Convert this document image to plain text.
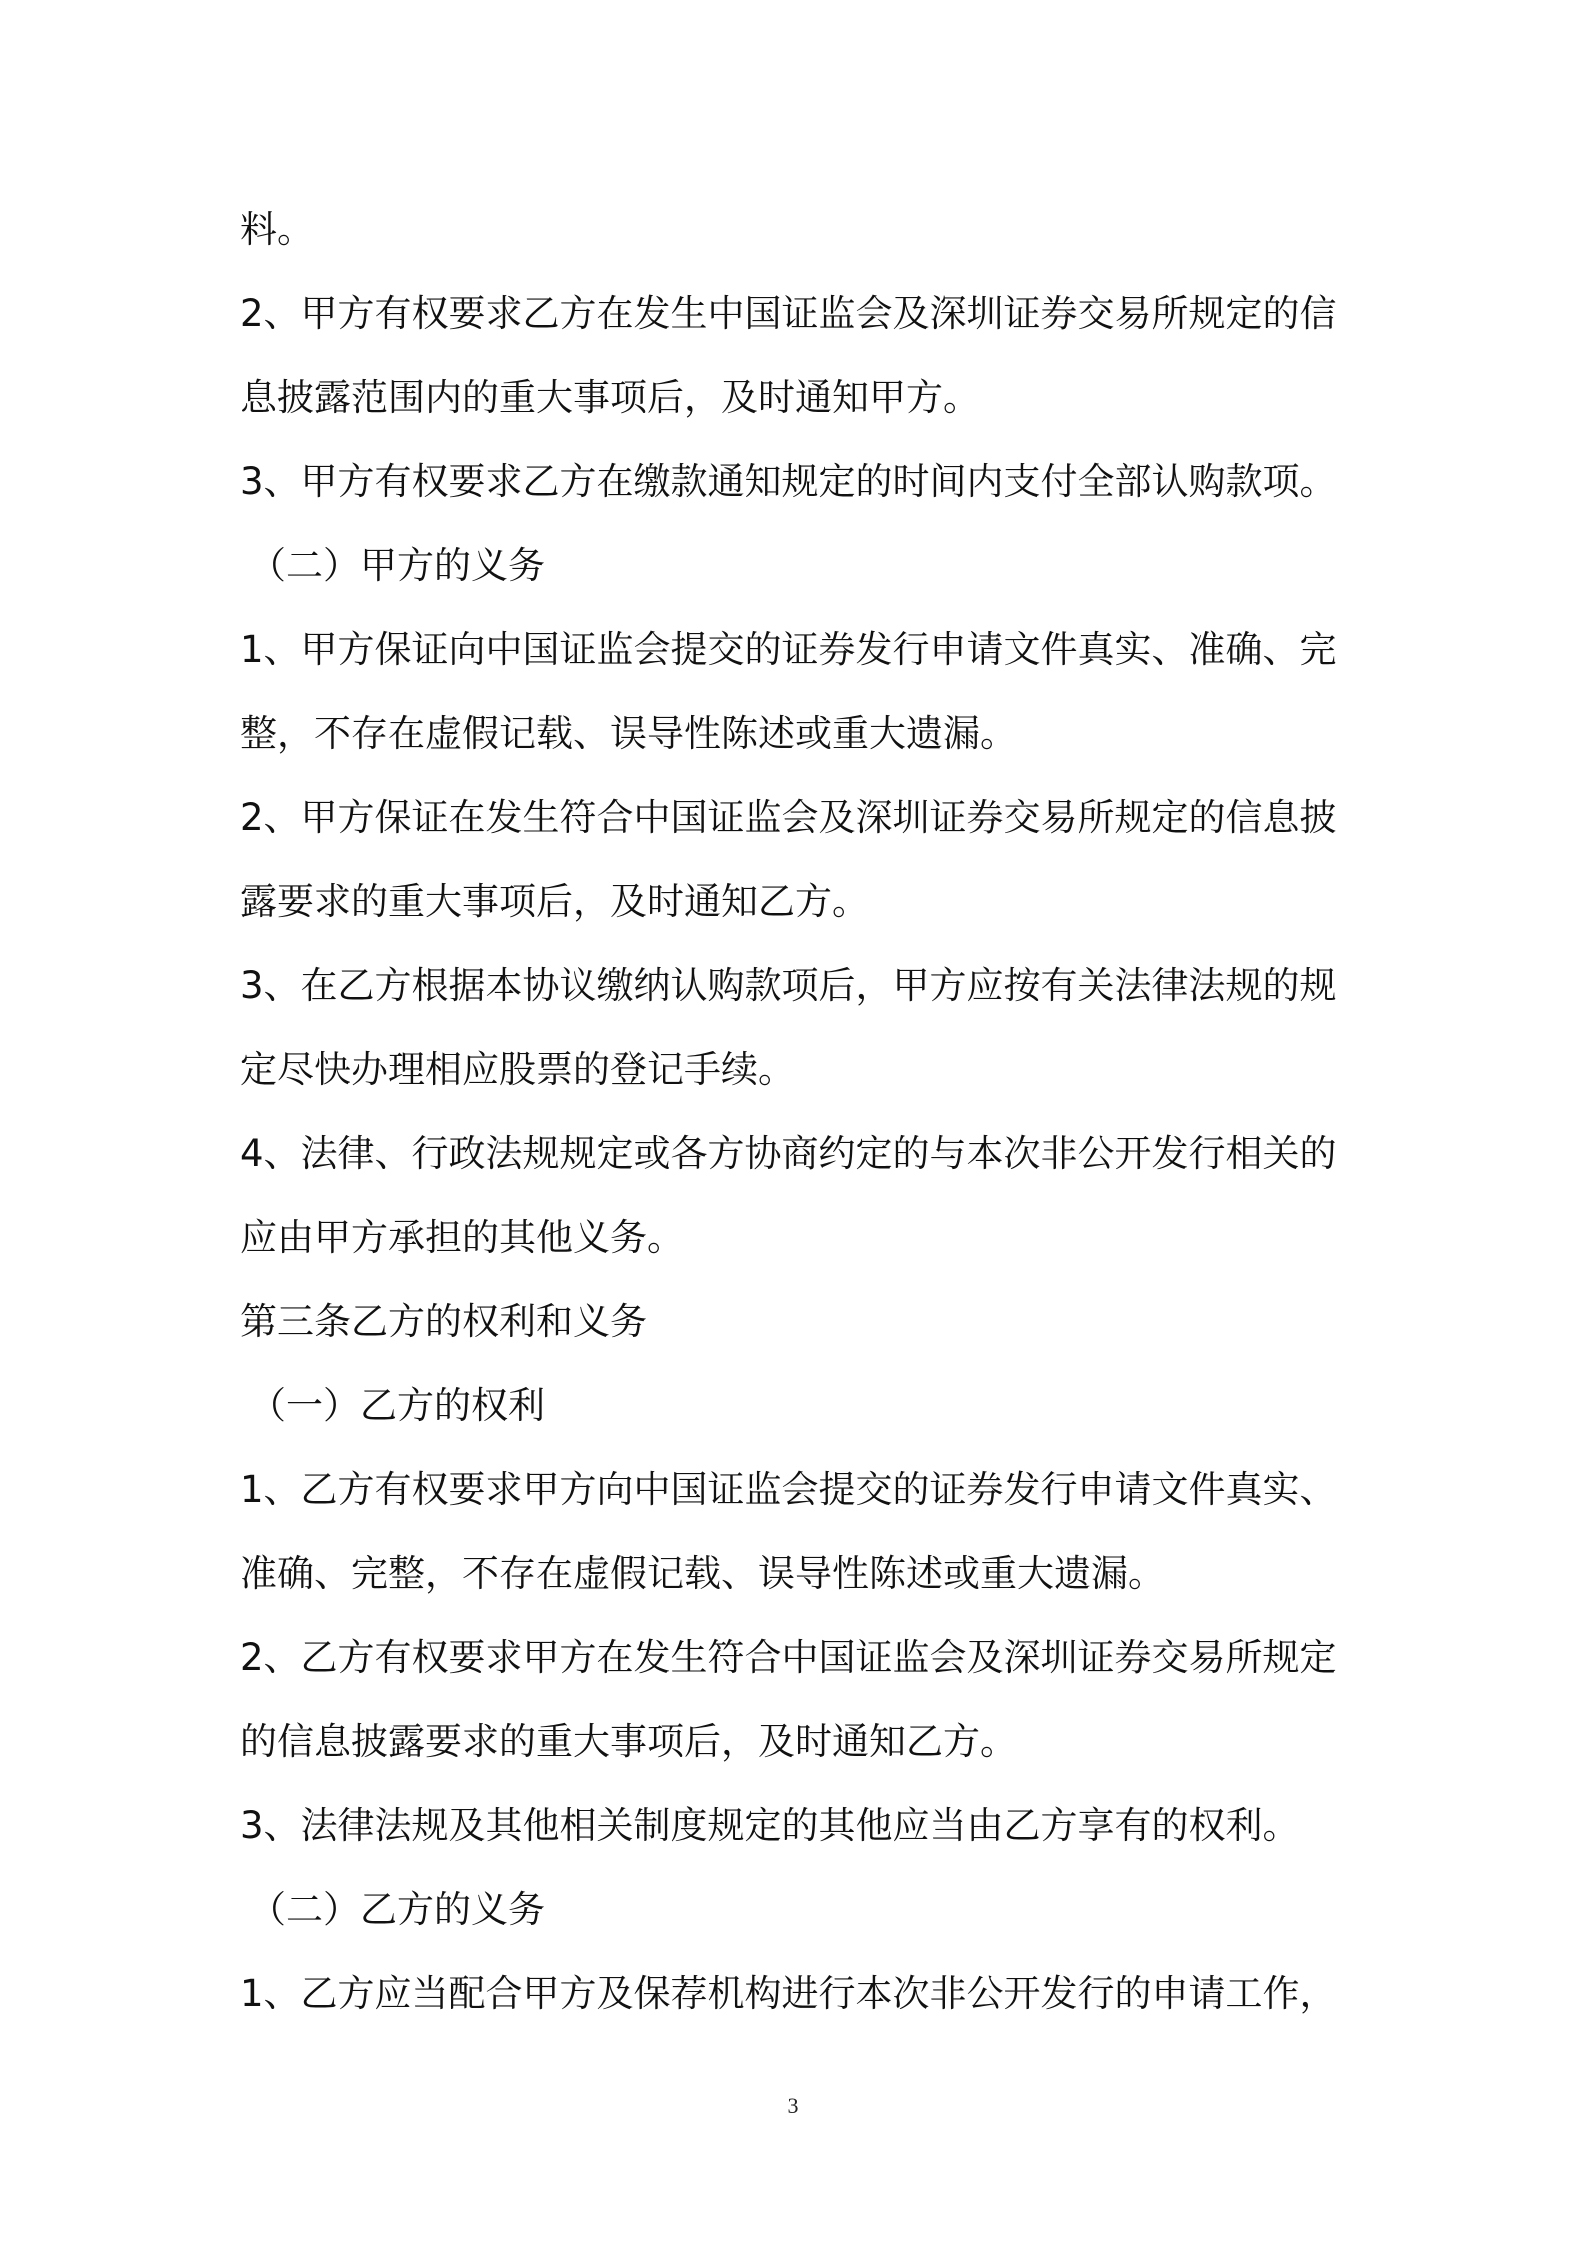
料。
2、甲方有权要求乙方在发生中国证监会及深圳证券交易所规定的信
息披露范围内的重大事项后，及时通知甲方。
3、甲方有权要求乙方在缴款通知规定的时间内支付全部认购款项。
（二）甲方的义务
1、甲方保证向中国证监会提交的证券发行申请文件真实、准确、完
整，不存在虚假记载、误导性陈述或重大遗漏。
2、甲方保证在发生符合中国证监会及深圳证券交易所规定的信息披
露要求的重大事项后，及时通知乙方。
3、在乙方根据本协议缴纳认购款项后，甲方应按有关法律法规的规
定尽快办理相应股票的登记手续。
4、法律、行政法规规定或各方协商约定的与本次非公开发行相关的
应由甲方承担的其他义务。
第三条乙方的权利和义务
（一）乙方的权利
1、乙方有权要求甲方向中国证监会提交的证券发行申请文件真实、
准确、完整，不存在虚假记载、误导性陈述或重大遗漏。
2、乙方有权要求甲方在发生符合中国证监会及深圳证券交易所规定
的信息披露要求的重大事项后，及时通知乙方。
3、法律法规及其他相关制度规定的其他应当由乙方享有的权利。
（二）乙方的义务
1、乙方应当配合甲方及保荐机构进行本次非公开发行的申请工作，
3
